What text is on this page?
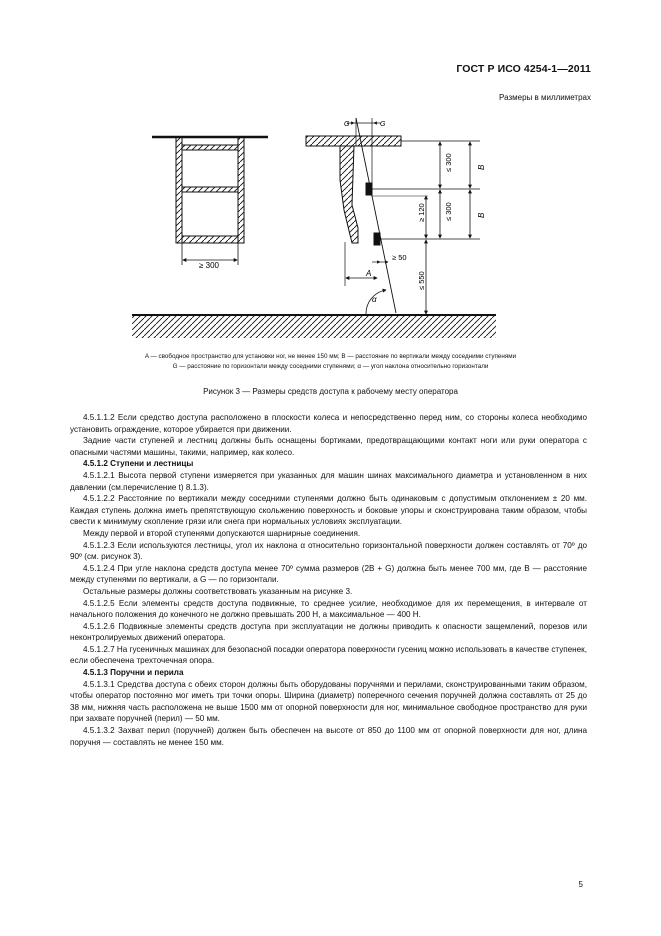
ГОСТ Р ИСО 4254-1—2011
Размеры в миллиметрах
≥ 300
G	G
≤ 300
≤ 300
B
B
≥ 120
≥ 50
≤ 550
A
α
A — свободное пространство для установки ног, не менее 150 мм; B — расстояние по вертикали между соседними ступенями
G — расстояние по горизонтали между соседними ступенями; α — угол наклона относительно горизонтали
Рисунок 3 — Размеры средств доступа к рабочему месту оператора

4.5.1.1.2 Если средство доступа расположено в плоскости колеса и непосредственно перед ним, со стороны колеса необходимо установить ограждение, которое убирается при движении.

Задние части ступеней и лестниц должны быть оснащены бортиками, предотвращающими контакт ноги или руки оператора с опасными частями машины, такими, например, как колесо.

4.5.1.2 Ступени и лестницы

4.5.1.2.1 Высота первой ступени измеряется при указанных для машин шинах максимального диаметра и установленном в них давлении (см.перечисление t) 8.1.3).

4.5.1.2.2 Расстояние по вертикали между соседними ступенями должно быть одинаковым с допустимым отклонением ± 20 мм. Каждая ступень должна иметь препятствующую скольжению поверхность и боковые упоры и сконструирована таким образом, чтобы свести к минимуму скопление грязи или снега при нормальных условиях эксплуатации.

Между первой и второй ступенями допускаются шарнирные соединения.

4.5.1.2.3 Если используются лестницы, угол их наклона α относительно горизонтальной поверхности должен составлять от 70º до 90º (см. рисунок 3).

4.5.1.2.4 При угле наклона средств доступа менее 70º сумма размеров (2B + G) должна быть менее 700 мм, где B — расстояние между ступенями по вертикали, а G — по горизонтали.

Остальные размеры должны соответствовать указанным на рисунке 3.

4.5.1.2.5 Если элементы средств доступа подвижные, то среднее усилие, необходимое для их перемещения, в интервале от начального положения до конечного не должно превышать 200 Н, а максимальное — 400 Н.

4.5.1.2.6 Подвижные элементы средств доступа при эксплуатации не должны приводить к опасности защемлений, порезов или неконтролируемых движений оператора.

4.5.1.2.7 На гусеничных машинах для безопасной посадки оператора поверхности гусениц можно использовать в качестве ступенек, если обеспечена трехточечная опора.

4.5.1.3 Поручни и перила

4.5.1.3.1 Средства доступа с обеих сторон должны быть оборудованы поручнями и перилами, сконструированными таким образом, чтобы оператор постоянно мог иметь три точки опоры. Ширина (диаметр) поперечного сечения поручней должна составлять от 25 до 38 мм, нижняя часть расположена не выше 1500 мм от опорной поверхности для ног, минимальное свободное пространство для руки при захвате поручней (перил) — 50 мм.

4.5.1.3.2 Захват перил (поручней) должен быть обеспечен на высоте от 850 до 1100 мм от опорной поверхности для ног, длина поручня — составлять не менее 150 мм.

5
